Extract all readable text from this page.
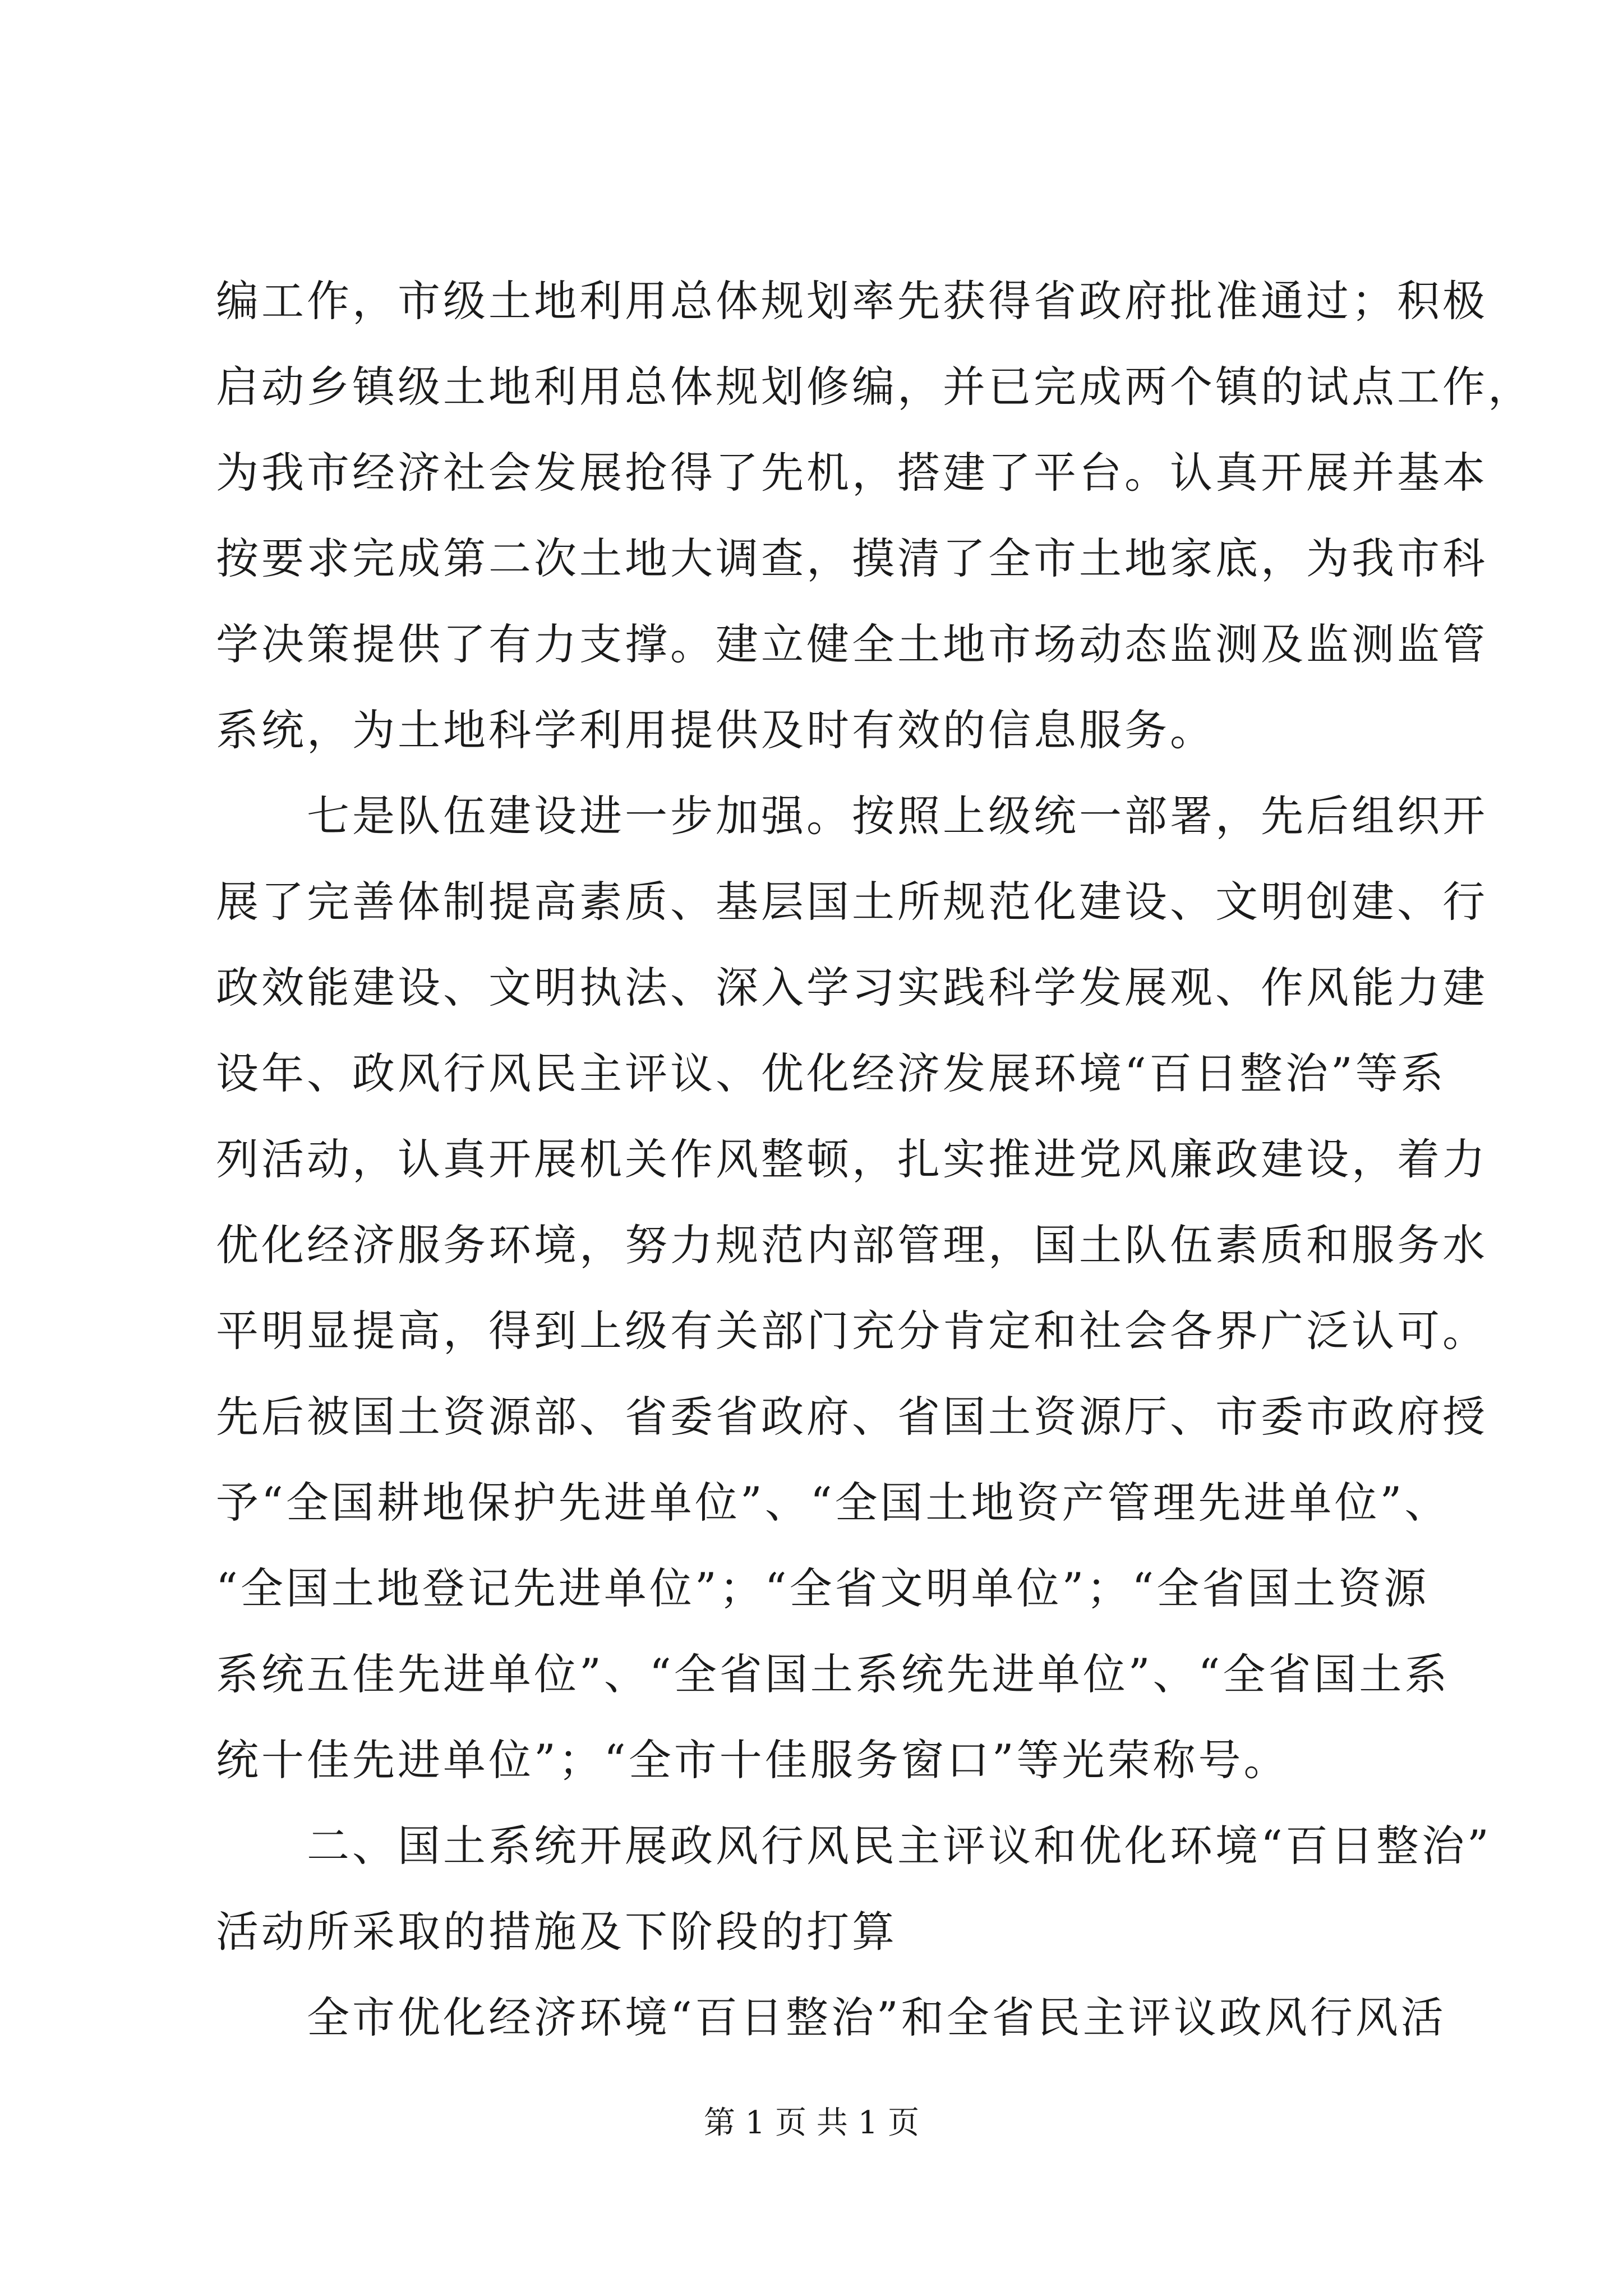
编工作，市级土地利用总体规划率先获得省政府批准通过；积极
启动乡镇级土地利用总体规划修编，并已完成两个镇的试点工作，
为我市经济社会发展抢得了先机，搭建了平台。认真开展并基本
按要求完成第二次土地大调查，摸清了全市土地家底，为我市科
学决策提供了有力支撑。建立健全土地市场动态监测及监测监管
系统，为土地科学利用提供及时有效的信息服务。
　　七是队伍建设进一步加强。按照上级统一部署，先后组织开
展了完善体制提高素质、基层国土所规范化建设、文明创建、行
政效能建设、文明执法、深入学习实践科学发展观、作风能力建
设年、政风行风民主评议、优化经济发展环境“百日整治”等系
列活动，认真开展机关作风整顿，扎实推进党风廉政建设，着力
优化经济服务环境，努力规范内部管理，国土队伍素质和服务水
平明显提高，得到上级有关部门充分肯定和社会各界广泛认可。
先后被国土资源部、省委省政府、省国土资源厅、市委市政府授
予“全国耕地保护先进单位”、“全国土地资产管理先进单位”、
“全国土地登记先进单位”；“全省文明单位”；“全省国土资源
系统五佳先进单位”、“全省国土系统先进单位”、“全省国土系
统十佳先进单位”；“全市十佳服务窗口”等光荣称号。
　　二、国土系统开展政风行风民主评议和优化环境“百日整治”
活动所采取的措施及下阶段的打算
　　全市优化经济环境“百日整治”和全省民主评议政风行风活
第 1 页 共 1 页
